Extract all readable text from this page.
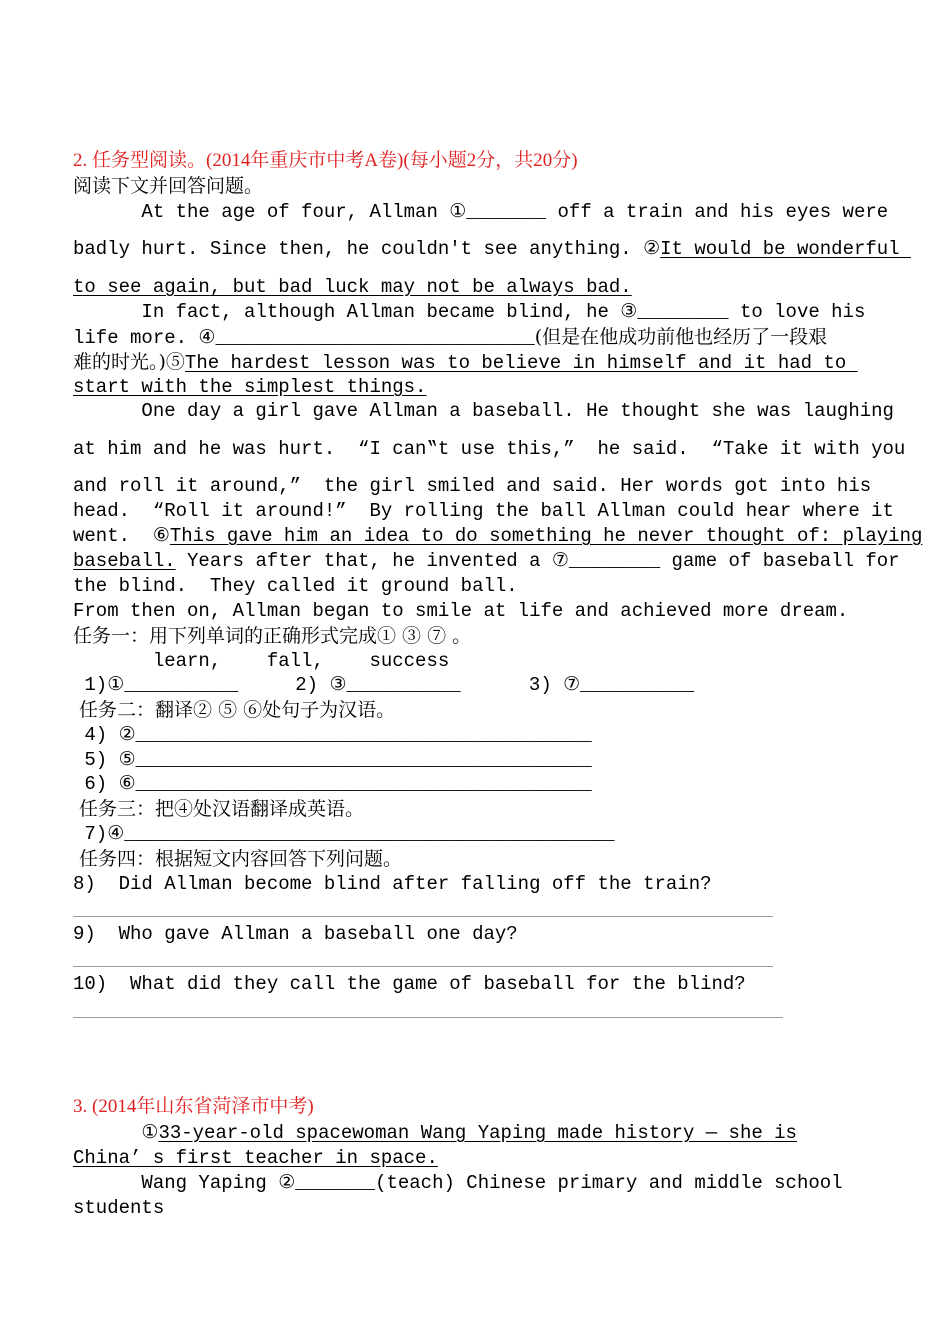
2. 任务型阅读。(2014年重庆市中考A卷)(每小题2分，共20分)
阅读下文并回答问题。
At the age of four, Allman ①_______ off a train and his eyes were
badly hurt. Since then, he couldn′t see anything. ②It would be wonderful
to see again, but bad luck may not be always bad.
In fact, although Allman became blind, he ③________ to love his
life more. ④____________________________(但是在他成功前他也经历了一段艰
难的时光。)⑤The hardest lesson was to believe in himself and it had to
start with the simplest things.
One day a girl gave Allman a baseball. He thought she was laughing
at him and he was hurt.  “I can‟t use this,”  he said.  “Take it with you
and roll it around,”  the girl smiled and said. Her words got into his
head.  “Roll it around!”  By rolling the ball Allman could hear where it
went.  ⑥This gave him an idea to do something he never thought of: playing
baseball. Years after that, he invented a ⑦________ game of baseball for
the blind.  They called it ground ball.
From then on, Allman began to smile at life and achieved more dream.
任务一：用下列单词的正确形式完成① ③ ⑦ 。
learn,    fall,    success
1)①__________     2) ③__________      3) ⑦__________
任务二：翻译② ⑤ ⑥处句子为汉语。
4) ②________________________________________
5) ⑤________________________________________
6) ⑥________________________________________
任务三：把④处汉语翻译成英语。
7)④___________________________________________
任务四：根据短文内容回答下列问题。
8)  Did Allman become blind after falling off the train?
9)  Who gave Allman a baseball one day?
10)  What did they call the game of baseball for the blind?
3. (2014年山东省菏泽市中考)
①33-year-old spacewoman Wang Yaping made history — she is
China’ s first teacher in space.
Wang Yaping ②_______(teach) Chinese primary and middle school
students
